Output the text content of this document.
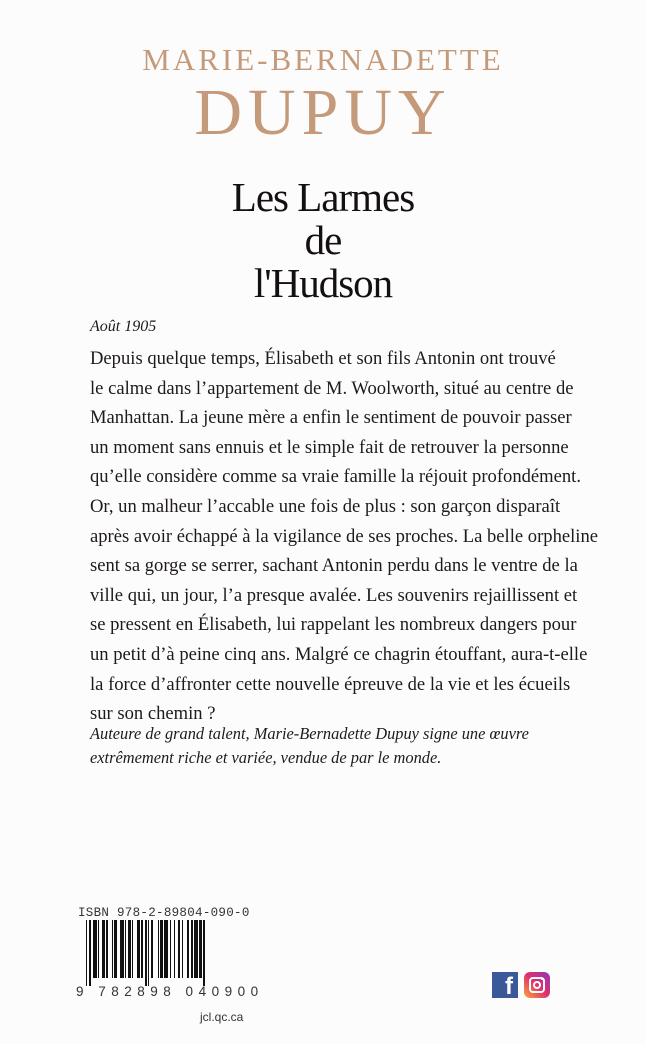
MARIE-BERNADETTE
DUPUY
Les Larmes
de
l'Hudson
Août 1905
Depuis quelque temps, Élisabeth et son fils Antonin ont trouvé
le calme dans l’appartement de M. Woolworth, situé au centre de
Manhattan. La jeune mère a enfin le sentiment de pouvoir passer
un moment sans ennuis et le simple fait de retrouver la personne
qu’elle considère comme sa vraie famille la réjouit profondément.
Or, un malheur l’accable une fois de plus : son garçon disparaît
après avoir échappé à la vigilance de ses proches. La belle orpheline
sent sa gorge se serrer, sachant Antonin perdu dans le ventre de la
ville qui, un jour, l’a presque avalée. Les souvenirs rejaillissent et
se pressent en Élisabeth, lui rappelant les nombreux dangers pour
un petit d’à peine cinq ans. Malgré ce chagrin étouffant, aura-t-elle
la force d’affronter cette nouvelle épreuve de la vie et les écueils
sur son chemin ?
Auteure de grand talent, Marie-Bernadette Dupuy signe une œuvre
extrêmement riche et variée, vendue de par le monde.
ISBN 978-2-89804-090-0
9 782898 040900
jcl.qc.ca
f
